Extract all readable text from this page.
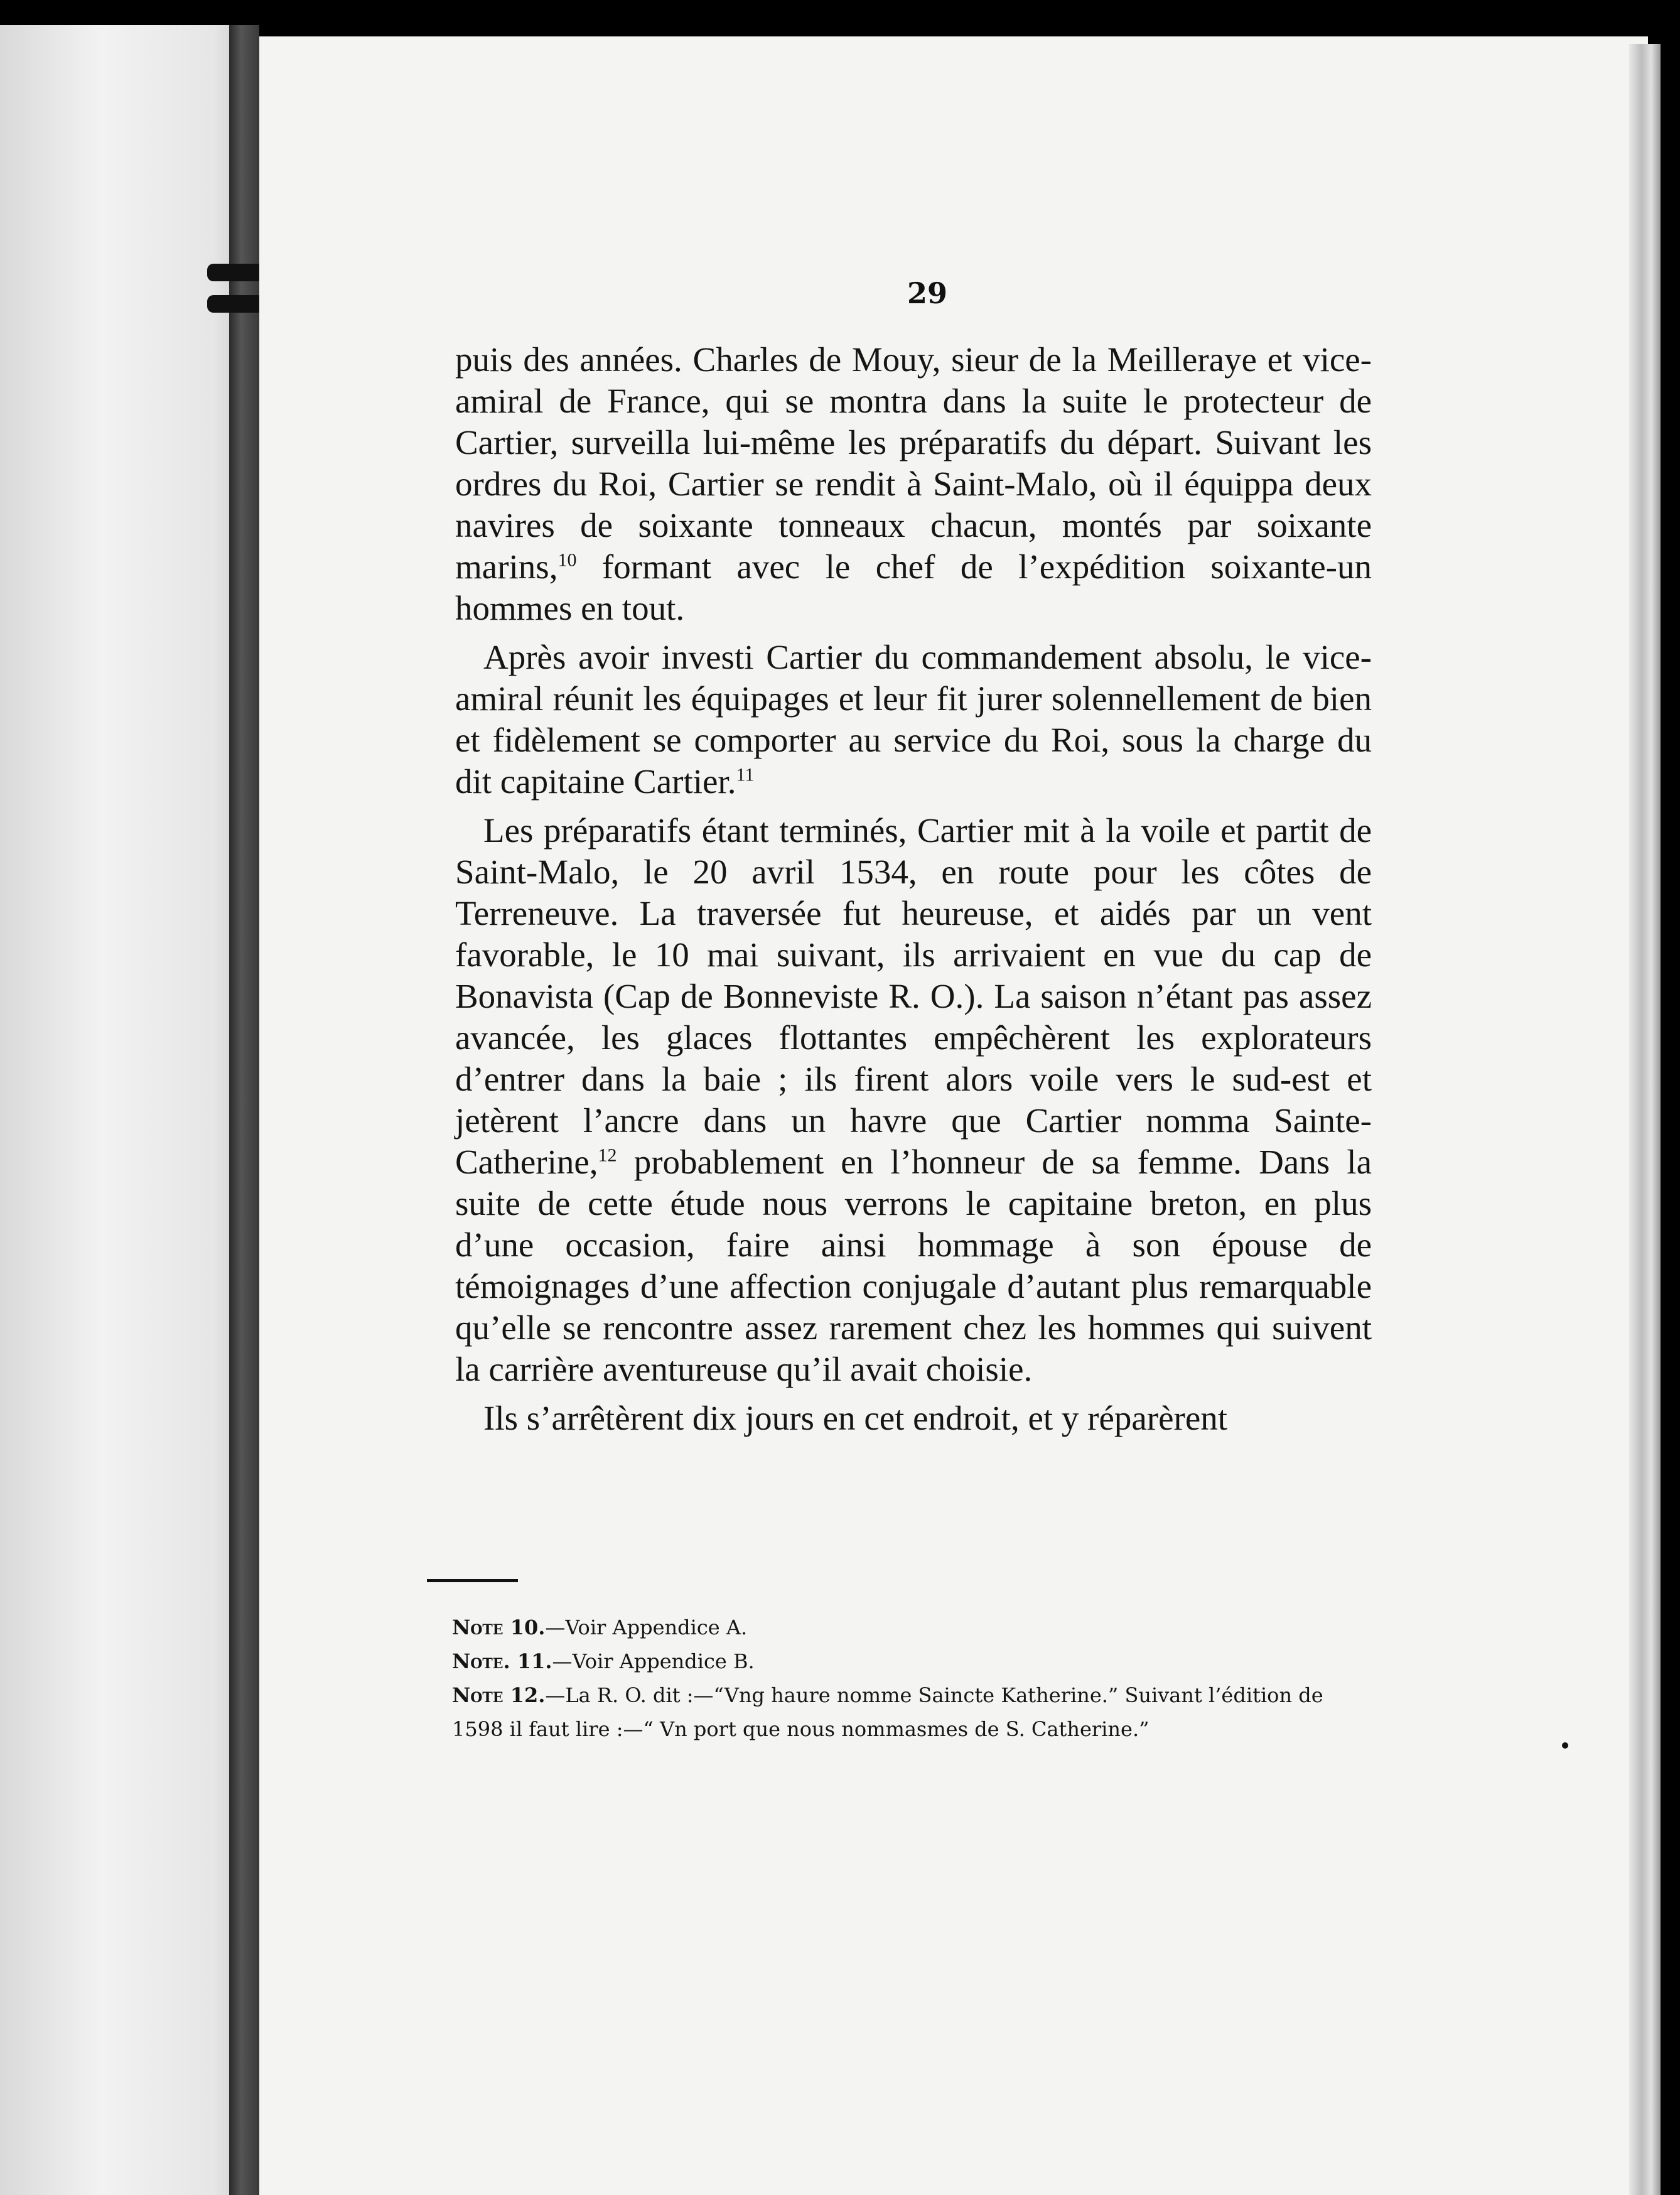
29

puis des années. Charles de Mouy, sieur de la Meilleraye et vice-amiral de France, qui se montra dans la suite le protecteur de Cartier, surveilla lui-même les préparatifs du départ. Suivant les ordres du Roi, Cartier se rendit à Saint-Malo, où il équippa deux navires de soixante tonneaux chacun, montés par soixante marins,$^{10}$ formant avec le chef de l’expédition soixante-un hommes en tout.

Après avoir investi Cartier du commandement absolu, le vice-amiral réunit les équipages et leur fit jurer solennellement de bien et fidèlement se comporter au service du Roi, sous la charge du dit capitaine Cartier.$^{11}$

Les préparatifs étant terminés, Cartier mit à la voile et partit de Saint-Malo, le 20 avril 1534, en route pour les côtes de Terreneuve. La traversée fut heureuse, et aidés par un vent favorable, le 10 mai suivant, ils arrivaient en vue du cap de Bonavista (Cap de Bonneviste R. O.). La saison n’étant pas assez avancée, les glaces flottantes empêchèrent les explorateurs d’entrer dans la baie ; ils firent alors voile vers le sud-est et jetèrent l’ancre dans un havre que Cartier nomma Sainte-Catherine,$^{12}$ probablement en l’honneur de sa femme. Dans la suite de cette étude nous verrons le capitaine breton, en plus d’une occasion, faire ainsi hommage à son épouse de témoignages d’une affection conjugale d’autant plus remarquable qu’elle se rencontre assez rarement chez les hommes qui suivent la carrière aventureuse qu’il avait choisie.

Ils s’arrêtèrent dix jours en cet endroit, et y réparèrent

Note 10.—Voir Appendice A.

Note. 11.—Voir Appendice B.

Note 12.—La R. O. dit :—“Vng haure nomme Saincte Katherine.” Suivant l’édition de 1598 il faut lire :—“ Vn port que nous nommasmes de S. Catherine.”
